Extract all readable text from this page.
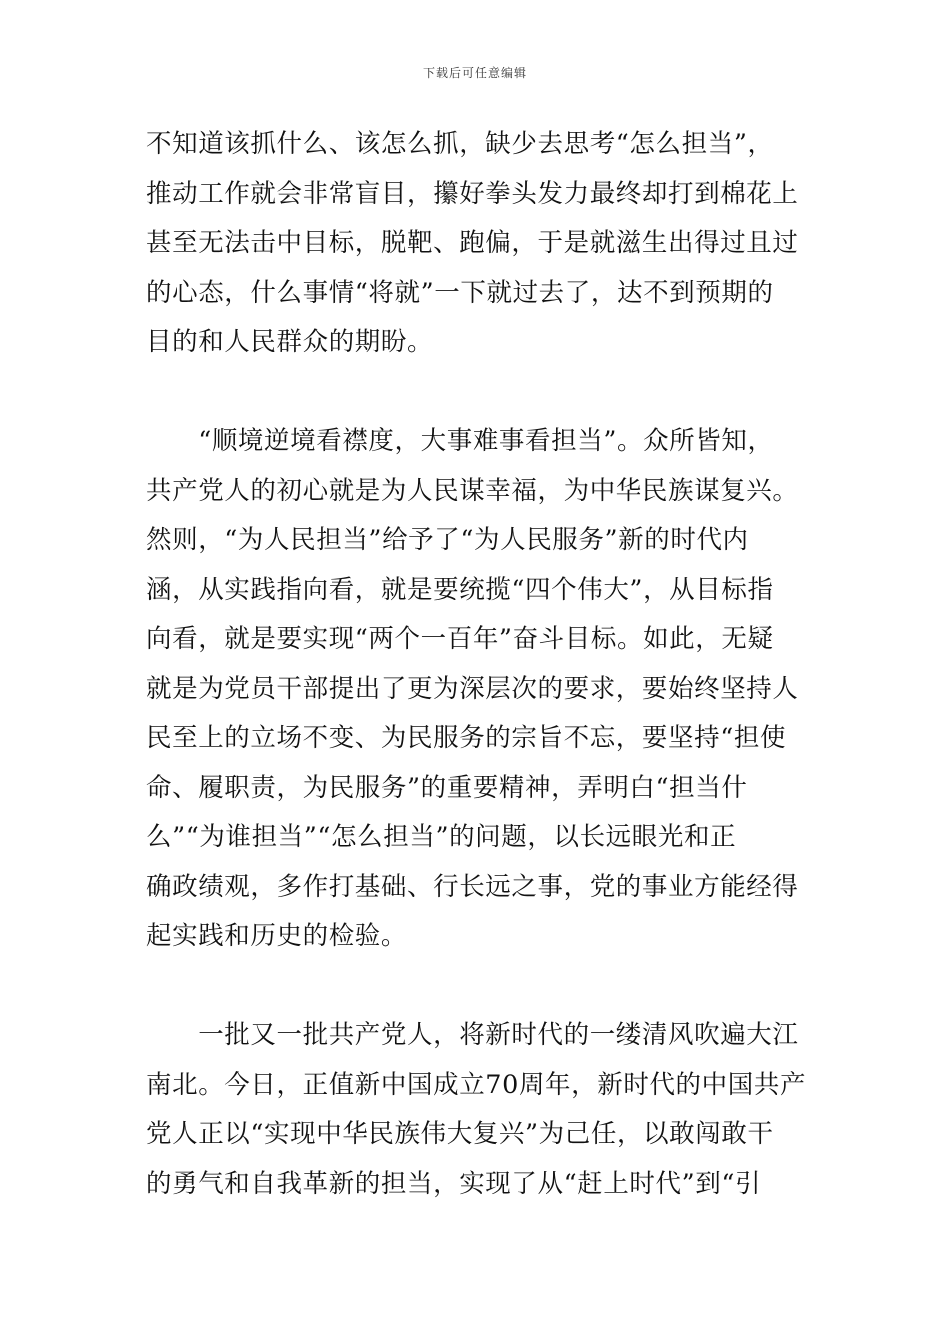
下载后可任意编辑
不知道该抓什么、该怎么抓，缺少去思考“怎么担当”，
推动工作就会非常盲目，攥好拳头发力最终却打到棉花上
甚至无法击中目标，脱靶、跑偏，于是就滋生出得过且过
的心态，什么事情“将就”一下就过去了，达不到预期的
目的和人民群众的期盼。
　　“顺境逆境看襟度，大事难事看担当”。众所皆知，
共产党人的初心就是为人民谋幸福，为中华民族谋复兴。
然则，“为人民担当”给予了“为人民服务”新的时代内
涵，从实践指向看，就是要统揽“四个伟大”，从目标指
向看，就是要实现“两个一百年”奋斗目标。如此，无疑
就是为党员干部提出了更为深层次的要求，要始终坚持人
民至上的立场不变、为民服务的宗旨不忘，要坚持“担使
命、履职责，为民服务”的重要精神，弄明白“担当什
么”“为谁担当”“怎么担当”的问题，以长远眼光和正
确政绩观，多作打基础、行长远之事，党的事业方能经得
起实践和历史的检验。
　　一批又一批共产党人，将新时代的一缕清风吹遍大江
南北。今日，正值新中国成立70周年，新时代的中国共产
党人正以“实现中华民族伟大复兴”为己任，以敢闯敢干
的勇气和自我革新的担当，实现了从“赶上时代”到“引
